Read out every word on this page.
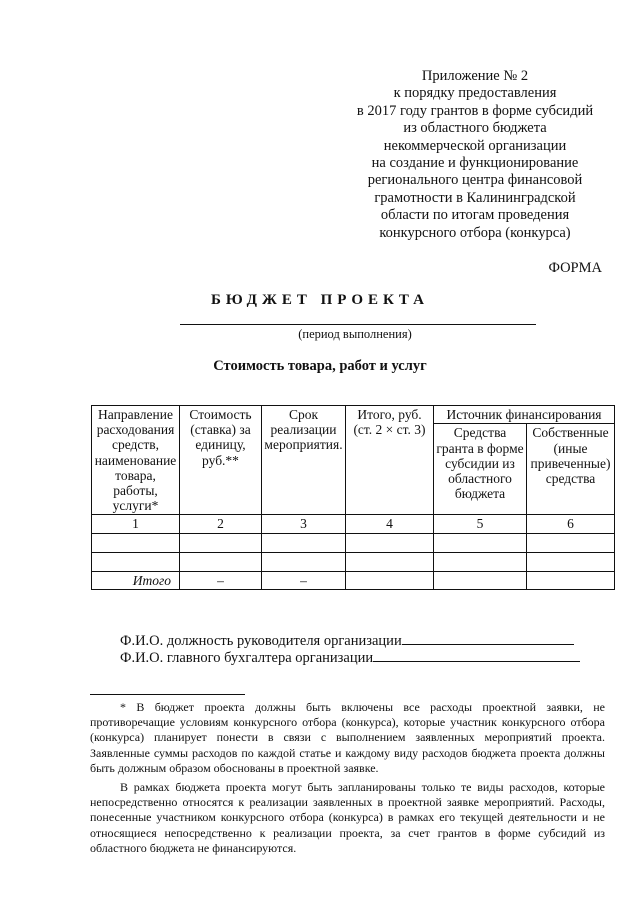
Приложение № 2
к порядку предоставления
в 2017 году грантов в форме субсидий
из областного бюджета
некоммерческой организации
на создание и функционирование
регионального центра финансовой
грамотности в Калининградской
области по итогам проведения
конкурсного отбора (конкурса)
ФОРМА
БЮДЖЕТ ПРОЕКТА
(период выполнения)
Стоимость товара, работ и услуг
Направление расходования средств, наименование товара, работы, услуги*	Стоимость (ставка) за единицу, руб.**	Срок реализации мероприятия.	Итого, руб. (ст. 2 × ст. 3)	Источник финансирования	
				Средства гранта в форме субсидии из областного бюджета	Собственные (иные привеченные) средства
1	2	3	4	5	6

Итого	–	–			
Ф.И.О. должность руководителя организации
Ф.И.О. главного бухгалтера организации

* В бюджет проекта должны быть включены все расходы проектной заявки, не противоречащие условиям конкурсного отбора (конкурса), которые участник конкурсного отбора (конкурса) планирует понести в связи с выполнением заявленных мероприятий проекта. Заявленные суммы расходов по каждой статье и каждому виду расходов бюджета проекта должны быть должным образом обоснованы в проектной заявке.

В рамках бюджета проекта могут быть запланированы только те виды расходов, которые непосредственно относятся к реализации заявленных в проектной заявке мероприятий. Расходы, понесенные участником конкурсного отбора (конкурса) в рамках его текущей деятельности и не относящиеся непосредственно к реализации проекта, за счет грантов в форме субсидий из областного бюджета не финансируются.
